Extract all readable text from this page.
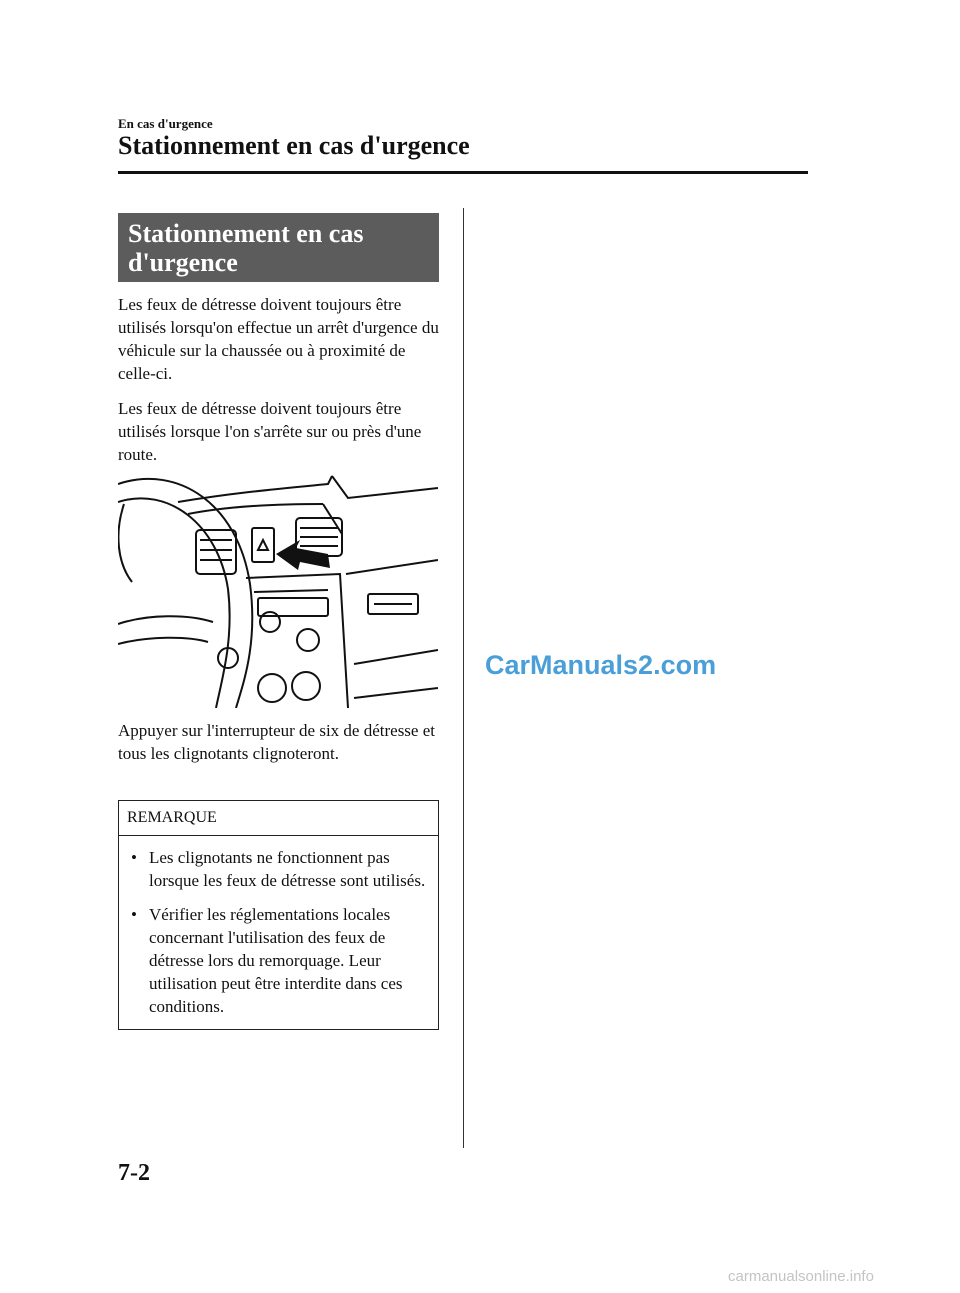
En cas d'urgence
Stationnement en cas d'urgence
Stationnement en cas
d'urgence
Les feux de détresse doivent toujours être utilisés lorsqu'on effectue un arrêt d'urgence du véhicule sur la chaussée ou à proximité de celle-ci.
Les feux de détresse doivent toujours être utilisés lorsque l'on s'arrête sur ou près d'une route.
Appuyer sur l'interrupteur de six de détresse et tous les clignotants clignoteront.
REMARQUE
• Les clignotants ne fonctionnent pas lorsque les feux de détresse sont utilisés.
• Vérifier les réglementations locales concernant l'utilisation des feux de détresse lors du remorquage. Leur utilisation peut être interdite dans ces conditions.
CarManuals2.com
7-2
carmanualsonline.info
